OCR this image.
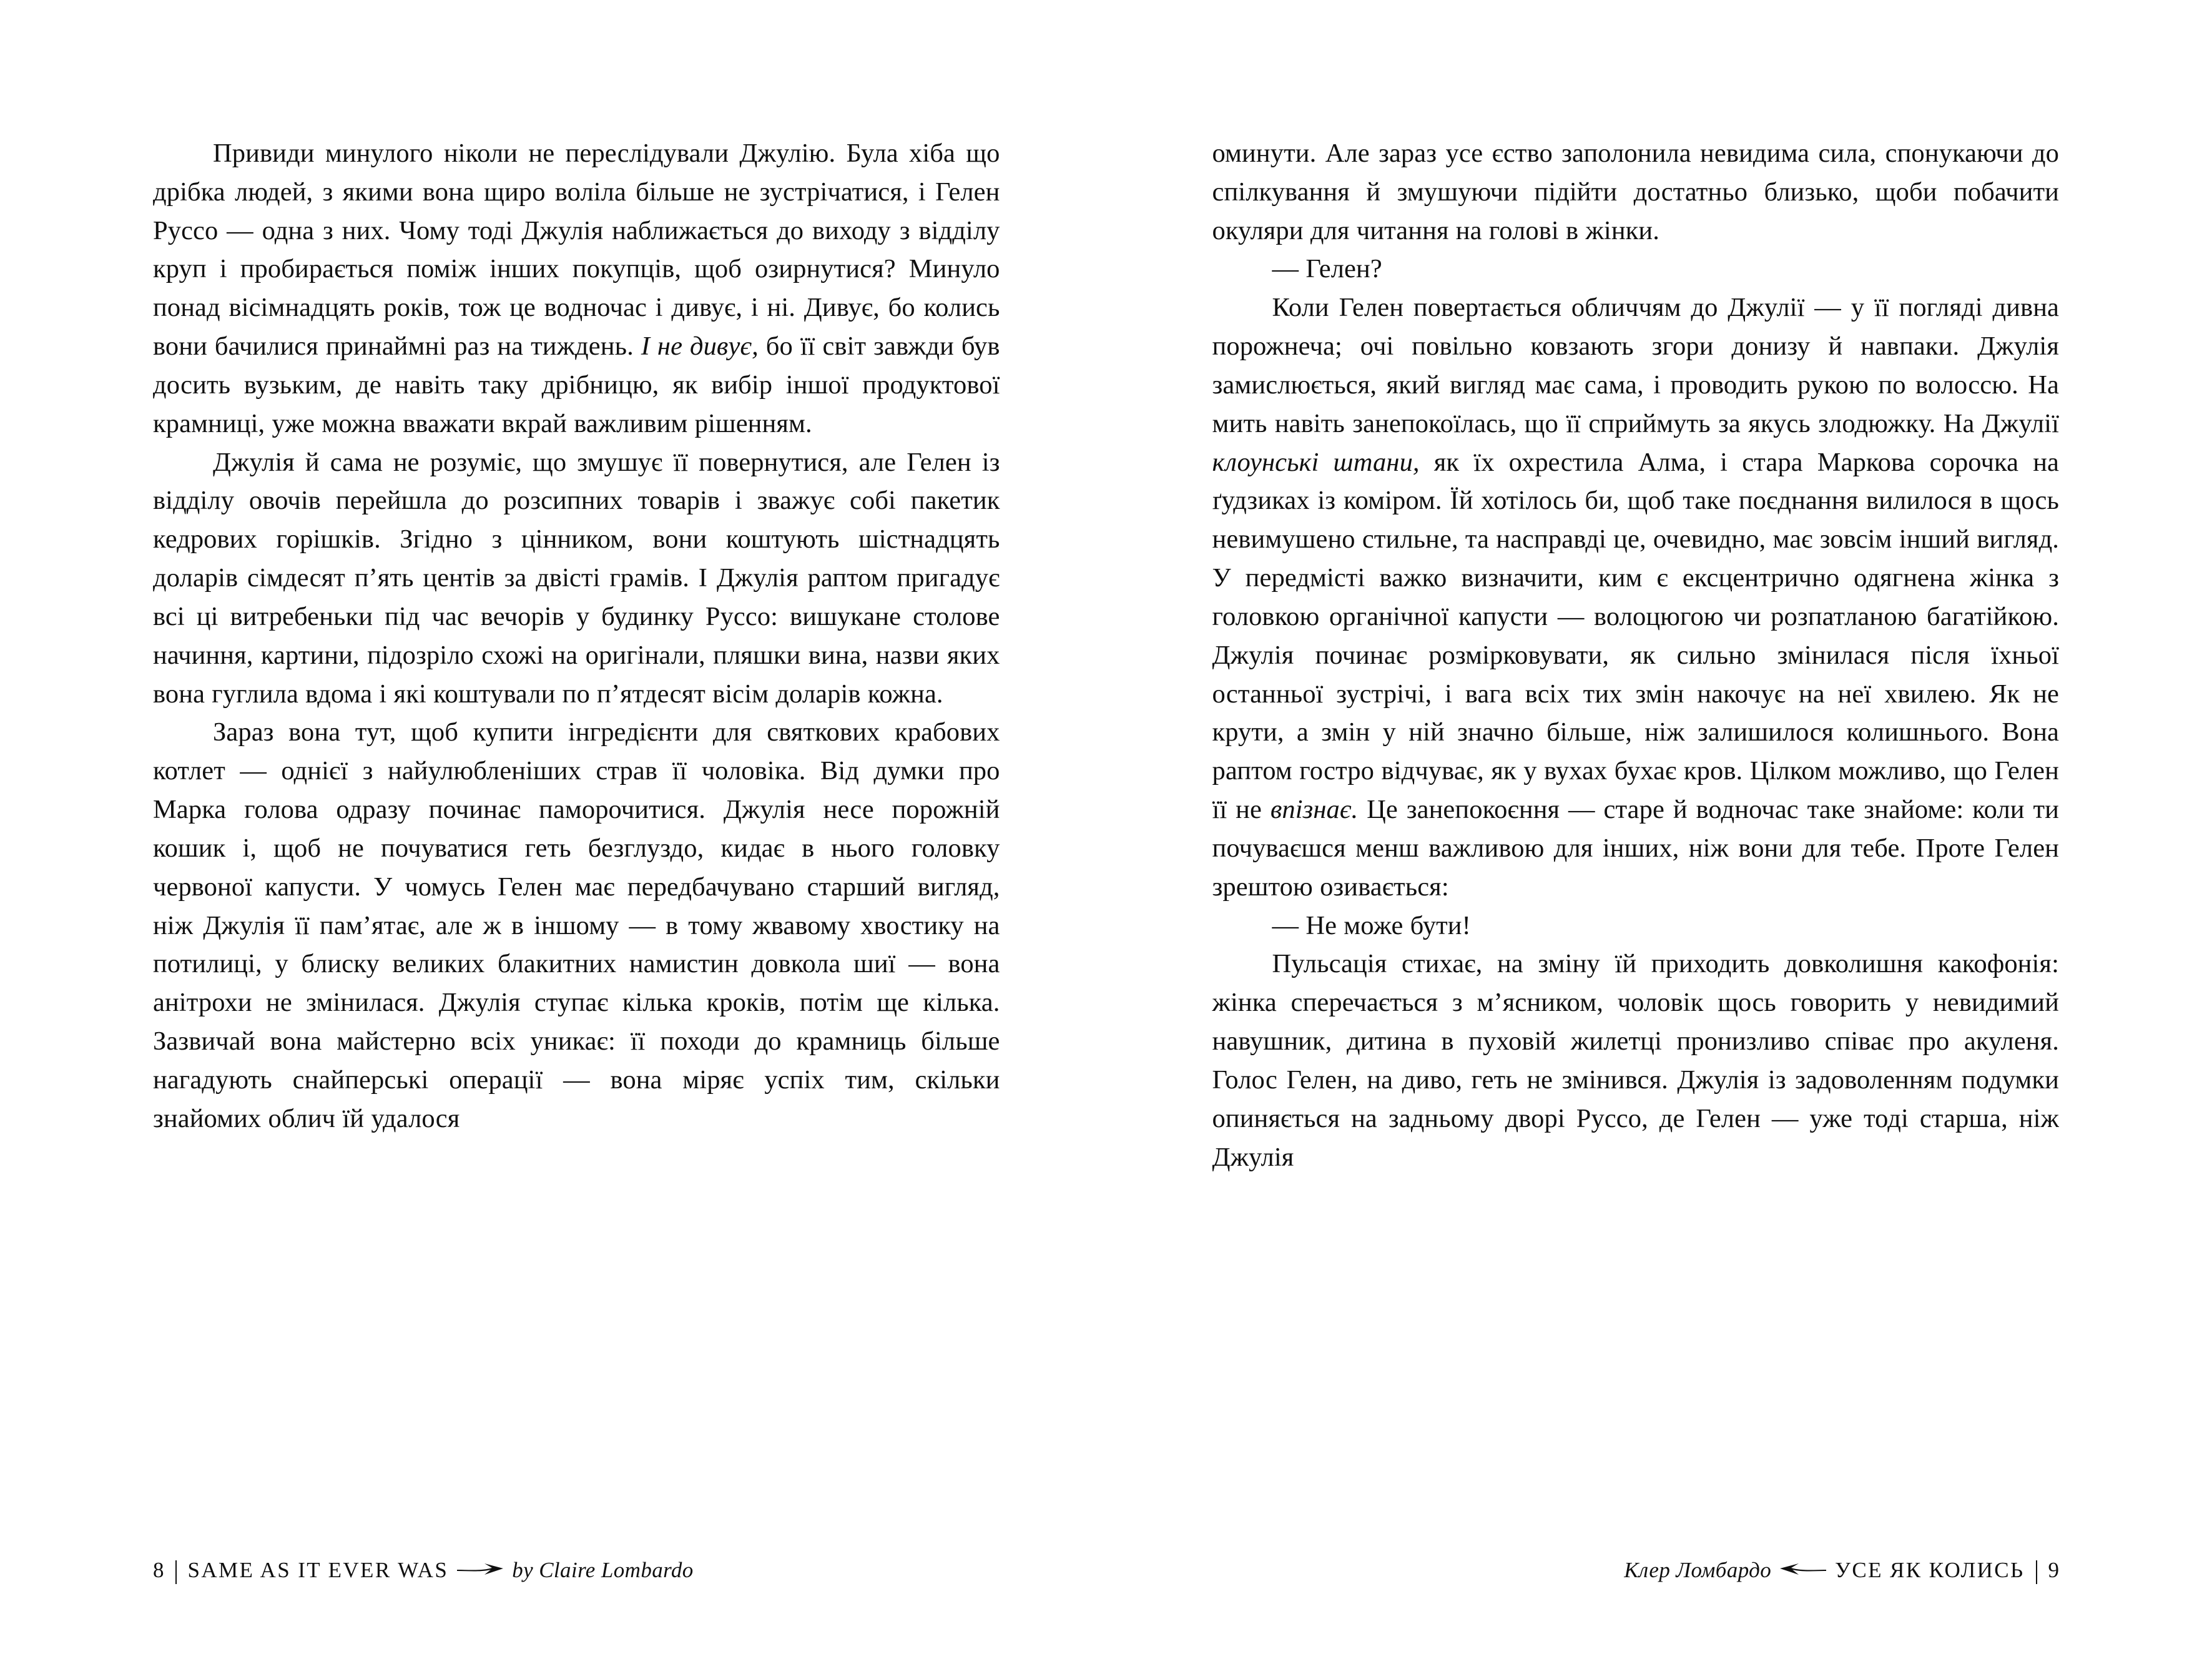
Привиди минулого ніколи не переслідували Джулію. Була хіба що дрібка людей, з якими вона щиро воліла більше не зустрічатися, і Гелен Руссо — одна з них. Чому тоді Джулія наближається до виходу з відділу круп і пробирається поміж інших покупців, щоб озирнутися? Минуло понад вісімнадцять років, тож це водночас і дивує, і ні. Дивує, бо колись вони бачилися принаймні раз на тиждень. І не дивує, бо її світ завжди був досить вузьким, де навіть таку дрібницю, як вибір іншої продуктової крамниці, уже можна вважати вкрай важливим рішенням.

Джулія й сама не розуміє, що змушує її повернутися, але Гелен із відділу овочів перейшла до розсипних товарів і зважує собі пакетик кедрових горішків. Згідно з цінником, вони коштують шістнадцять доларів сімдесят п’ять центів за двісті грамів. І Джулія раптом пригадує всі ці витребеньки під час вечорів у будинку Руссо: вишукане столове начиння, картини, підозріло схожі на оригінали, пляшки вина, назви яких вона гуглила вдома і які коштували по п’ятдесят вісім доларів кожна.

Зараз вона тут, щоб купити інгредієнти для святкових крабових котлет — однієї з найулюбленіших страв її чоловіка. Від думки про Марка голова одразу починає паморочитися. Джулія несе порожній кошик і, щоб не почуватися геть безглуздо, кидає в нього головку червоної капусти. У чомусь Гелен має передбачувано старший вигляд, ніж Джулія її пам’ятає, але ж в іншому — в тому жвавому хвостику на потилиці, у блиску великих блакитних намистин довкола шиї — вона анітрохи не змінилася. Джулія ступає кілька кроків, потім ще кілька. Зазвичай вона майстерно всіх уникає: її походи до крамниць більше нагадують снайперські операції — вона міряє успіх тим, скільки знайомих облич їй удалося

8 SAME AS IT EVER WAS	by Claire Lombardo

оминути. Але зараз усе єство заполонила невидима сила, спонукаючи до спілкування й змушуючи підійти достатньо близько, щоби побачити окуляри для читання на голові в жінки.

— Гелен?

Коли Гелен повертається обличчям до Джулії — у її погляді дивна порожнеча; очі повільно ковзають згори донизу й навпаки. Джулія замислюється, який вигляд має сама, і проводить рукою по волоссю. На мить навіть занепокоїлась, що її сприймуть за якусь злодюжку. На Джулії клоунські штани, як їх охрестила Алма, і стара Маркова сорочка на ґудзиках із коміром. Їй хотілось би, щоб таке поєднання вилилося в щось невимушено стильне, та насправді це, очевидно, має зовсім інший вигляд. У передмісті важко визначити, ким є ексцентрично одягнена жінка з головкою органічної капусти — волоцюгою чи розпатланою багатійкою. Джулія починає розмірковувати, як сильно змінилася після їхньої останньої зустрічі, і вага всіх тих змін накочує на неї хвилею. Як не крути, а змін у ній значно більше, ніж залишилося колишнього. Вона раптом гостро відчуває, як у вухах бухає кров. Цілком можливо, що Гелен її не впізнає. Це занепокоєння — старе й водночас таке знайоме: коли ти почуваєшся менш важливою для інших, ніж вони для тебе. Проте Гелен зрештою озивається:

— Не може бути!

Пульсація стихає, на зміну їй приходить довколишня какофонія: жінка сперечається з м’ясником, чоловік щось говорить у невидимий навушник, дитина в пуховій жилетці пронизливо співає про акуленя. Голос Гелен, на диво, геть не змінився. Джулія із задоволенням подумки опиняється на задньому дворі Руссо, де Гелен — уже тоді старша, ніж Джулія

Клер Ломбардо	УСЕ ЯК КОЛИСЬ 9
